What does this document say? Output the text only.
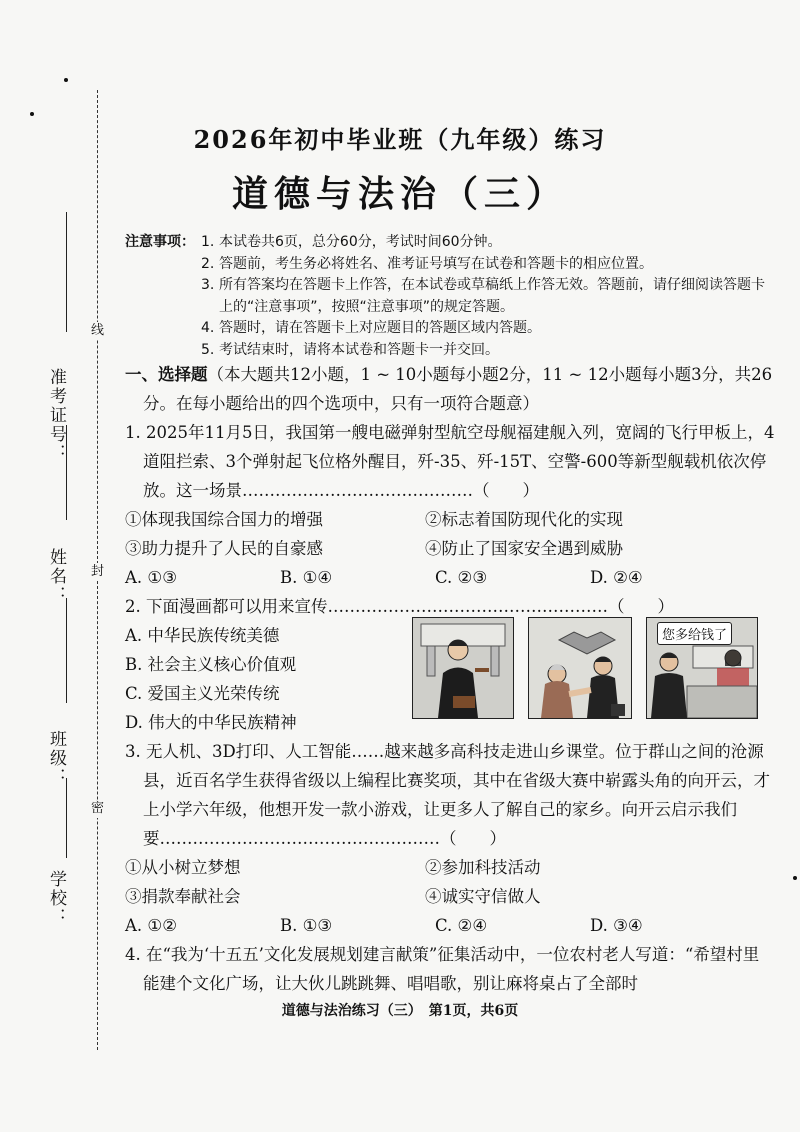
线
封
密
准考证号：
姓名：
班级：
学校：
2026年初中毕业班（九年级）练习
道德与法治（三）
注意事项： 1. 本试卷共6页，总分60分，考试时间60分钟。
2. 答题前，考生务必将姓名、准考证号填写在试卷和答题卡的相应位置。
3. 所有答案均在答题卡上作答，在本试卷或草稿纸上作答无效。答题前，请仔细阅读答题卡上的“注意事项”，按照“注意事项”的规定答题。
4. 答题时，请在答题卡上对应题目的答题区域内答题。
5. 考试结束时，请将本试卷和答题卡一并交回。

一、选择题（本大题共12小题，1 ~ 10小题每小题2分，11 ~ 12小题每小题3分，共26分。在每小题给出的四个选项中，只有一项符合题意）

1. 2025年11月5日，我国第一艘电磁弹射型航空母舰福建舰入列，宽阔的飞行甲板上，4道阻拦索、3个弹射起飞位格外醒目，歼-35、歼-15T、空警-600等新型舰载机依次停放。这一场景……………………………………（　　）

①体现我国综合国力的增强	②标志着国防现代化的实现
③助力提升了人民的自豪感	④防止了国家安全遇到威胁
A. ①③	B. ①④	C. ②③	D. ②④

2. 下面漫画都可以用来宣传……………………………………………（　　）

A. 中华民族传统美德
B. 社会主义核心价值观
C. 爱国主义光荣传统
D. 伟大的中华民族精神

3. 无人机、3D打印、人工智能……越来越多高科技走进山乡课堂。位于群山之间的沧源县，近百名学生获得省级以上编程比赛奖项，其中在省级大赛中崭露头角的向开云，才上小学六年级，他想开发一款小游戏，让更多人了解自己的家乡。向开云启示我们要……………………………………………（　　）

①从小树立梦想	②参加科技活动
③捐款奉献社会	④诚实守信做人
A. ①②	B. ①③	C. ②④	D. ③④

4. 在“我为‘十五五’文化发展规划建言献策”征集活动中，一位农村老人写道：“希望村里能建个文化广场，让大伙儿跳跳舞、唱唱歌，别让麻将桌占了全部时

您多给钱了
道德与法治练习（三）　第1页，共6页
